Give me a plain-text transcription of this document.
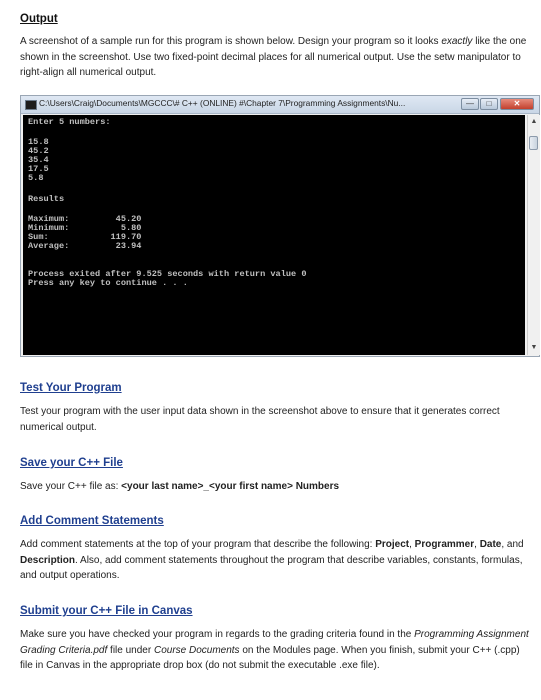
Output
A screenshot of a sample run for this program is shown below. Design your program so it looks exactly like the one shown in the screenshot. Use two fixed-point decimal places for all numerical output. Use the setw manipulator to right-align all numerical output.
C:\Users\Craig\Documents\MGCCC\# C++ (ONLINE) #\Chapter 7\Programming Assignments\Nu...	—	□	✕
Enter 5 numbers:
15.8
45.2
35.4
17.5
5.8
Results
Maximum:         45.20
Minimum:          5.80
Sum:            119.70
Average:         23.94
Process exited after 9.525 seconds with return value 0
Press any key to continue . . .
▲
▼
Test Your Program
Test your program with the user input data shown in the screenshot above to ensure that it generates correct numerical output.
Save your C++ File
Save your C++ file as: <your last name>_<your first name> Numbers
Add Comment Statements
Add comment statements at the top of your program that describe the following: Project, Programmer, Date, and Description. Also, add comment statements throughout the program that describe variables, constants, formulas, and output operations.
Submit your C++ File in Canvas
Make sure you have checked your program in regards to the grading criteria found in the Programming Assignment Grading Criteria.pdf file under Course Documents on the Modules page. When you finish, submit your C++ (.cpp) file in Canvas in the appropriate drop box (do not submit the executable .exe file).
